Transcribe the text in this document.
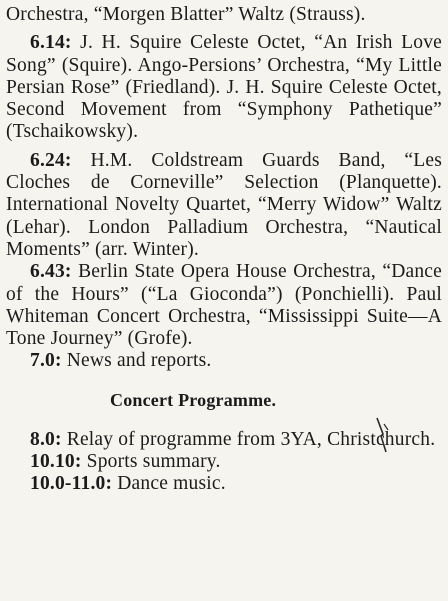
Orchestra, “Morgen Blatter” Waltz (Strauss).

6.14: J. H. Squire Celeste Octet, “An Irish Love Song” (Squire). Ango-Persions’ Orchestra, “My Little Persian Rose” (Friedland). J. H. Squire Celeste Octet, Second Movement from “Symphony Pathetique” (Tschaikowsky).

6.24: H.M. Coldstream Guards Band, “Les Cloches de Corneville” Selection (Planquette). International Novelty Quartet, “Merry Widow” Waltz (Lehar). London Palladium Orchestra, “Nautical Moments” (arr. Winter).

6.43: Berlin State Opera House Orchestra, “Dance of the Hours” (“La Gioconda”) (Ponchielli). Paul Whiteman Concert Orchestra, “Mississippi Suite—A Tone Journey” (Grofe).

7.0: News and reports.

Concert Programme.

8.0: Relay of programme from 3YA, Christchurch.

10.10: Sports summary.

10.0-11.0: Dance music.
